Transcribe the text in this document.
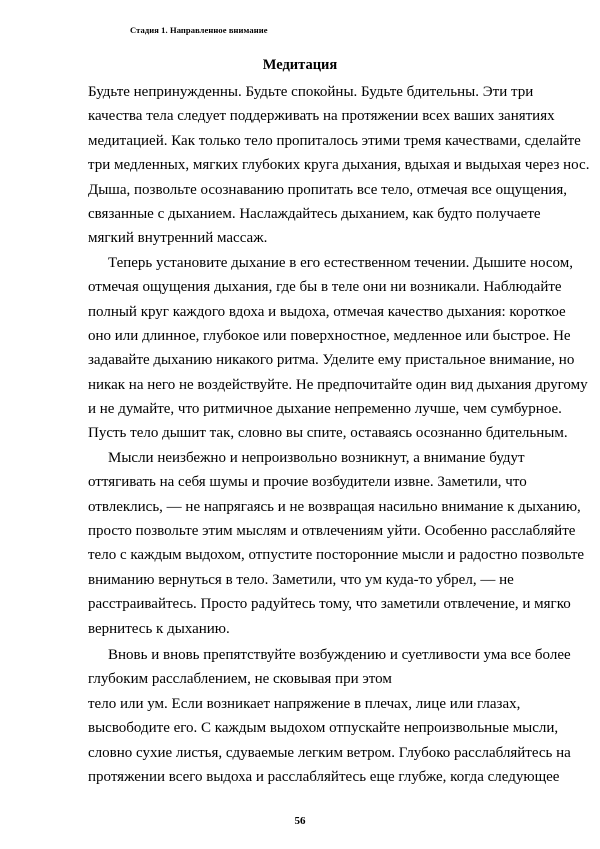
Стадия 1. Направленное внимание
Медитация
Будьте непринужденны. Будьте спокойны. Будьте бдительны. Эти три
качества тела следует поддерживать на протяжении всех ваших занятиях
медитацией. Как только тело пропиталось этими тремя качествами, сделайте
три медленных, мягких глубоких круга дыхания, вдыхая и выдыхая через нос.
Дыша, позвольте осознаванию пропитать все тело, отмечая все ощущения,
связанные с дыханием. Наслаждайтесь дыханием, как будто получаете
мягкий внутренний массаж.
Теперь установите дыхание в его естественном течении. Дышите носом,
отмечая ощущения дыхания, где бы в теле они ни возникали. Наблюдайте
полный круг каждого вдоха и выдоха, отмечая качество дыхания: короткое
оно или длинное, глубокое или поверхностное, медленное или быстрое. Не
задавайте дыханию никакого ритма. Уделите ему пристальное внимание, но
никак на него не воздействуйте. Не предпочитайте один вид дыхания другому
и не думайте, что ритмичное дыхание непременно лучше, чем сумбурное.
Пусть тело дышит так, словно вы спите, оставаясь осознанно бдительным.
Мысли неизбежно и непроизвольно возникнут, а внимание будут
оттягивать на себя шумы и прочие возбудители извне. Заметили, что
отвлеклись, — не напрягаясь и не возвращая насильно внимание к дыханию,
просто позвольте этим мыслям и отвлечениям уйти. Особенно расслабляйте
тело с каждым выдохом, отпустите посторонние мысли и радостно позвольте
вниманию вернуться в тело. Заметили, что ум куда-то убрел, — не
расстраивайтесь. Просто радуйтесь тому, что заметили отвлечение, и мягко
вернитесь к дыханию.
Вновь и вновь препятствуйте возбуждению и суетливости ума все более
глубоким расслаблением, не сковывая при этом
тело или ум. Если возникает напряжение в плечах, лице или глазах,
высвободите его. С каждым выдохом отпускайте непроизвольные мысли,
словно сухие листья, сдуваемые легким ветром. Глубоко расслабляйтесь на
протяжении всего выдоха и расслабляйтесь еще глубже, когда следующее
56
